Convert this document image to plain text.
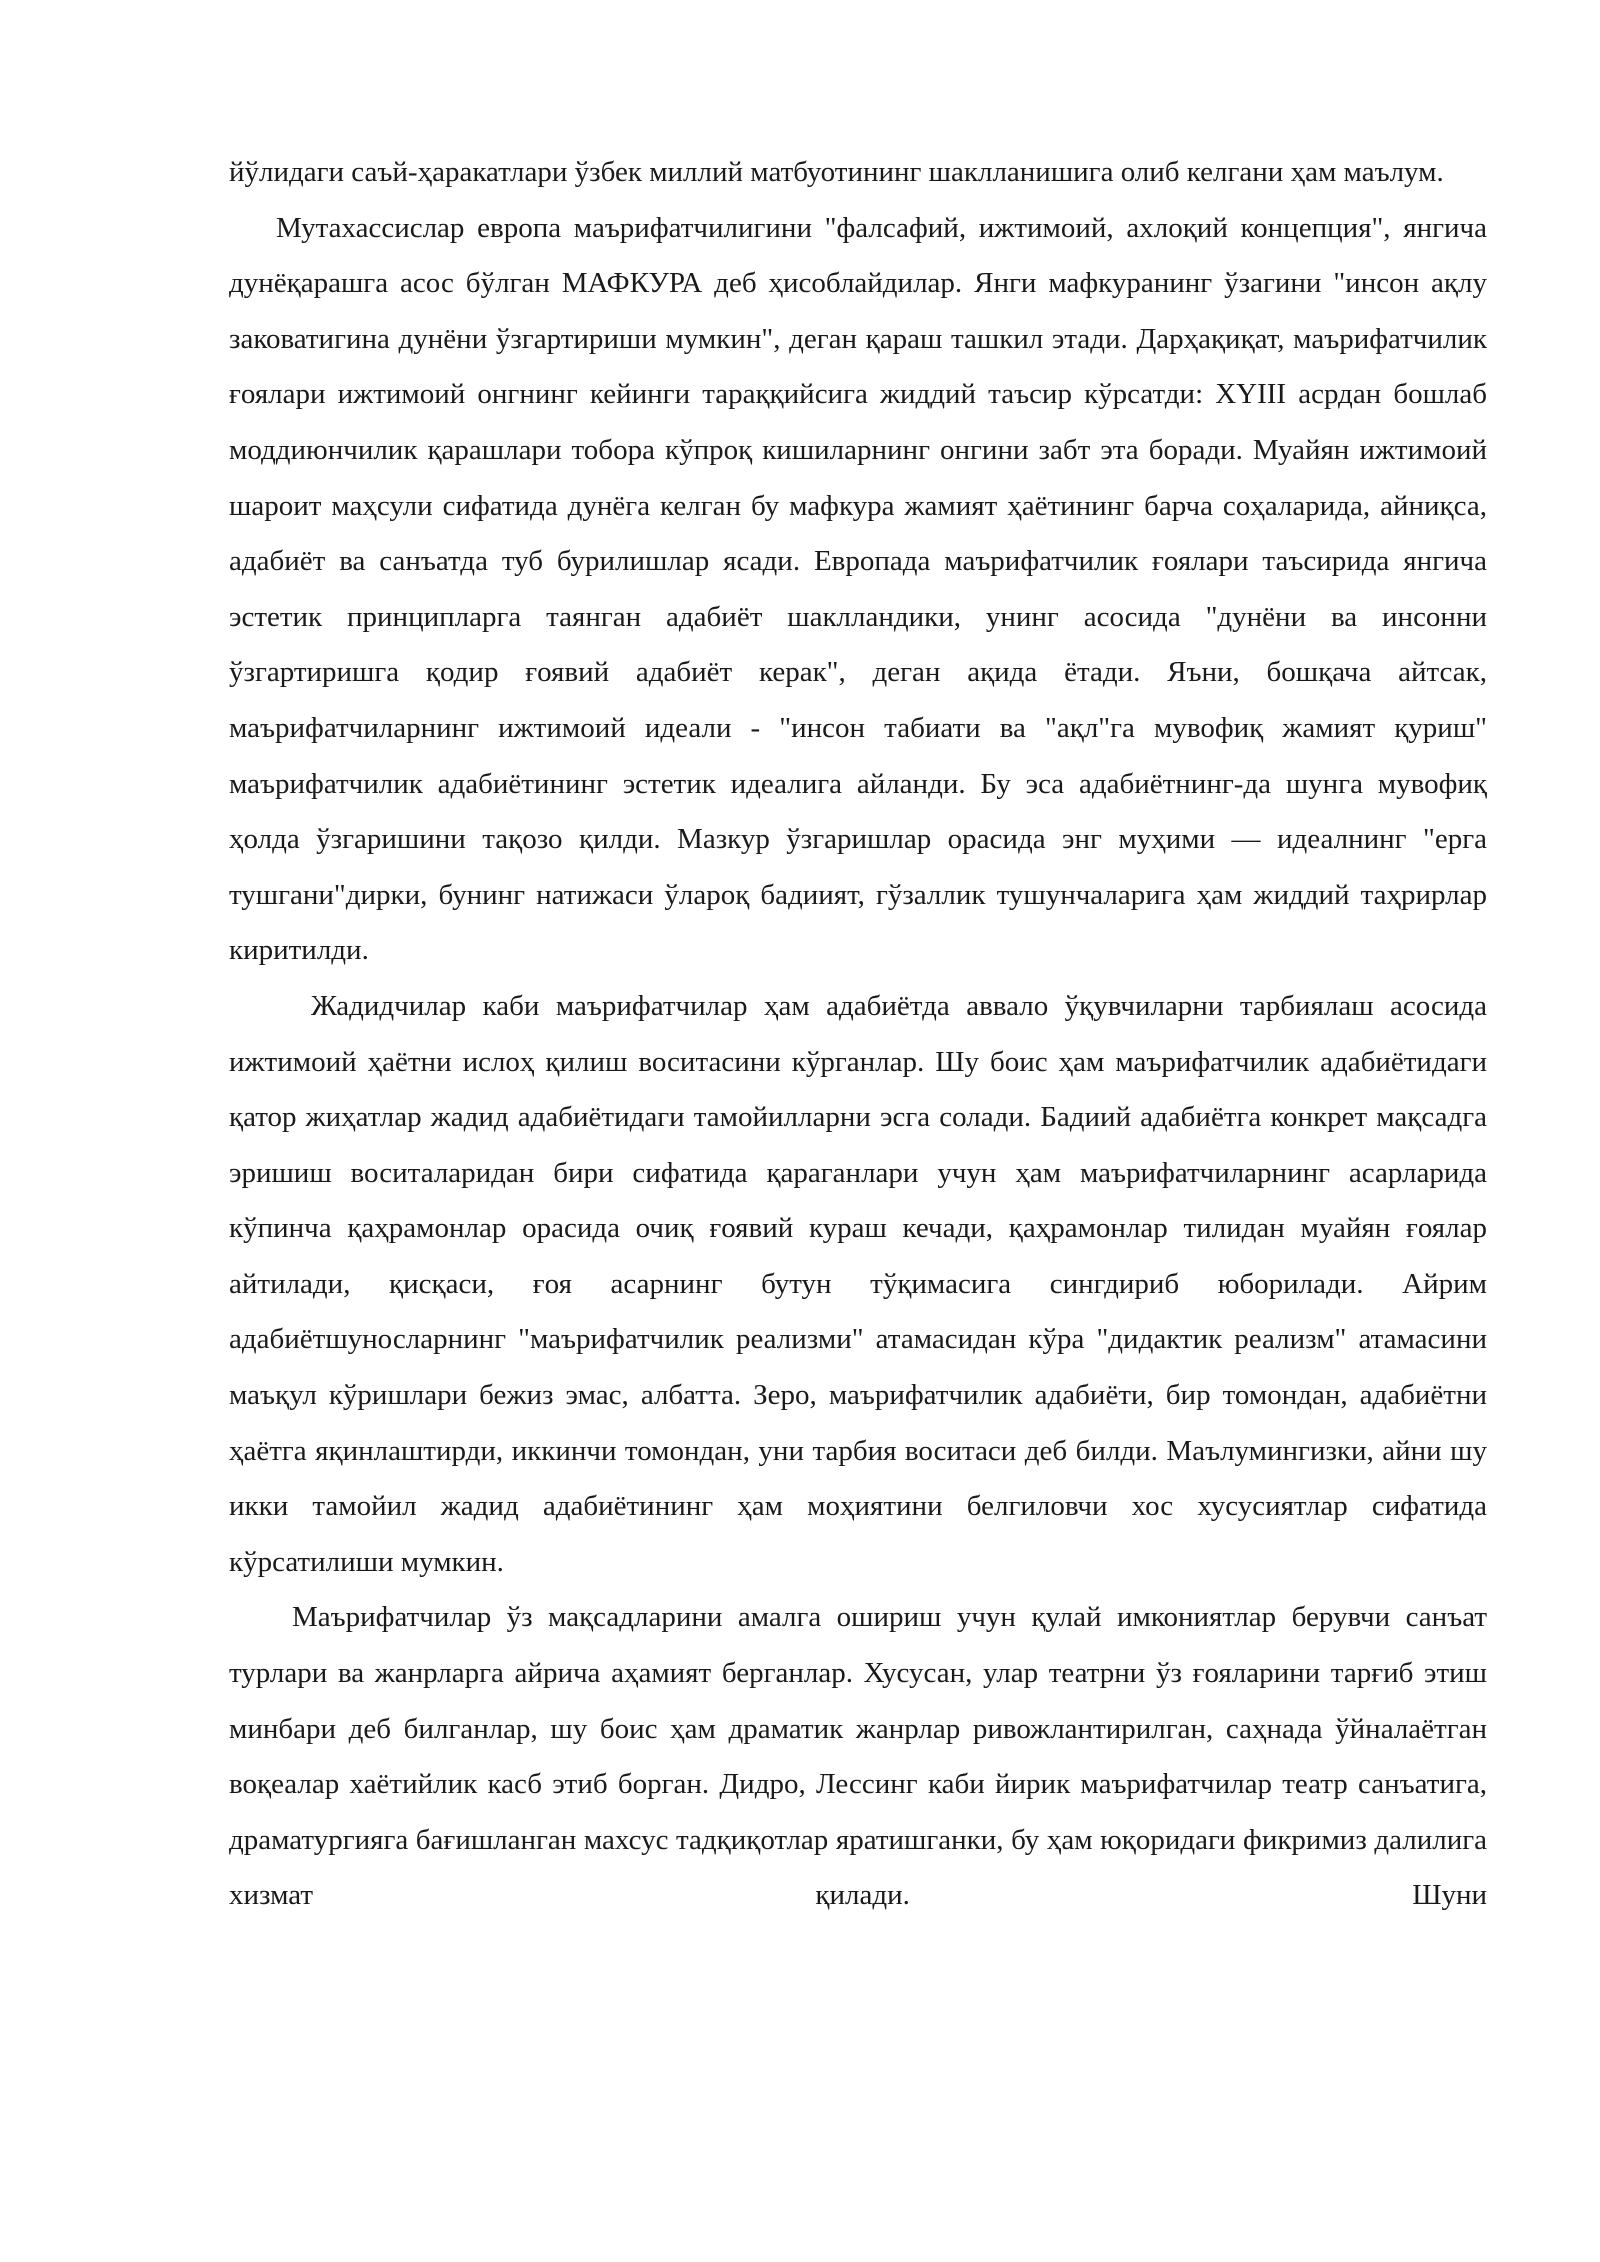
йўлидаги саъй-ҳаракатлари ўзбек миллий матбуотининг шаклланишига олиб келгани ҳам маълум.

Мутахассислар европа маърифатчилигини "фалсафий, ижтимоий, ахлоқий концепция", янгича дунёқарашга асос бўлган МАФКУРА деб ҳисоблайдилар. Янги мафкуранинг ўзагини "инсон ақлу заковатигина дунёни ўзгартириши мумкин", деган қараш ташкил этади. Дарҳақиқат, маърифатчилик ғоялари ижтимоий онгнинг кейинги тараққийсига жиддий таъсир кўрсатди: XYIII асрдан бошлаб моддиюнчилик қарашлари тобора кўпроқ кишиларнинг онгини забт эта боради. Муайян ижтимоий шароит маҳсули сифатида дунёга келган бу мафкура жамият ҳаётининг барча соҳаларида, айниқса, адабиёт ва санъатда туб бурилишлар ясади. Европада маърифатчилик ғоялари таъсирида янгича эстетик принципларга таянган адабиёт шаклландики, унинг асосида "дунёни ва инсонни ўзгартиришга қодир ғоявий адабиёт керак", деган ақида ётади. Яъни, бошқача айтсак, маърифатчиларнинг ижтимоий идеали - "инсон табиати ва "ақл"га мувофиқ жамият қуриш" маърифатчилик адабиётининг эстетик идеалига айланди. Бу эса адабиётнинг-да шунга мувофиқ ҳолда ўзгаришини тақозо қилди. Мазкур ўзгаришлар орасида энг муҳими — идеалнинг "ерга тушгани"дирки, бунинг натижаси ўлароқ бадиият, гўзаллик тушунчаларига ҳам жиддий таҳрирлар киритилди.

Жадидчилар каби маърифатчилар ҳам адабиётда аввало ўқувчиларни тарбиялаш асосида ижтимоий ҳаётни ислоҳ қилиш воситасини кўрганлар. Шу боис ҳам маърифатчилик адабиётидаги қатор жиҳатлар жадид адабиётидаги тамойилларни эсга солади. Бадиий адабиётга конкрет мақсадга эришиш воситаларидан бири сифатида қараганлари учун ҳам маърифатчиларнинг асарларида кўпинча қаҳрамонлар орасида очиқ ғоявий кураш кечади, қаҳрамонлар тилидан муайян ғоялар айтилади, қисқаси, ғоя асарнинг бутун тўқимасига сингдириб юборилади. Айрим адабиётшуносларнинг "маърифатчилик реализми" атамасидан кўра "дидактик реализм" атамасини маъқул кўришлари бежиз эмас, албатта. Зеро, маърифатчилик адабиёти, бир томондан, адабиётни ҳаётга яқинлаштирди, иккинчи томондан, уни тарбия воситаси деб билди. Маълумингизки, айни шу икки тамойил жадид адабиётининг ҳам моҳиятини белгиловчи хос хусусиятлар сифатида кўрсатилиши мумкин.

Маърифатчилар ўз мақсадларини амалга ошириш учун қулай имкониятлар берувчи санъат турлари ва жанрларга айрича аҳамият берганлар. Хусусан, улар театрни ўз ғояларини тарғиб этиш минбари деб билганлар, шу боис ҳам драматик жанрлар ривожлантирилган, саҳнада ўйналаётган воқеалар хаётийлик касб этиб борган. Дидро, Лессинг каби йирик маърифатчилар театр санъатига, драматургияга бағишланган махсус тадқиқотлар яратишганки, бу ҳам юқоридаги фикримиз далилига хизмат қилади. Шуни
